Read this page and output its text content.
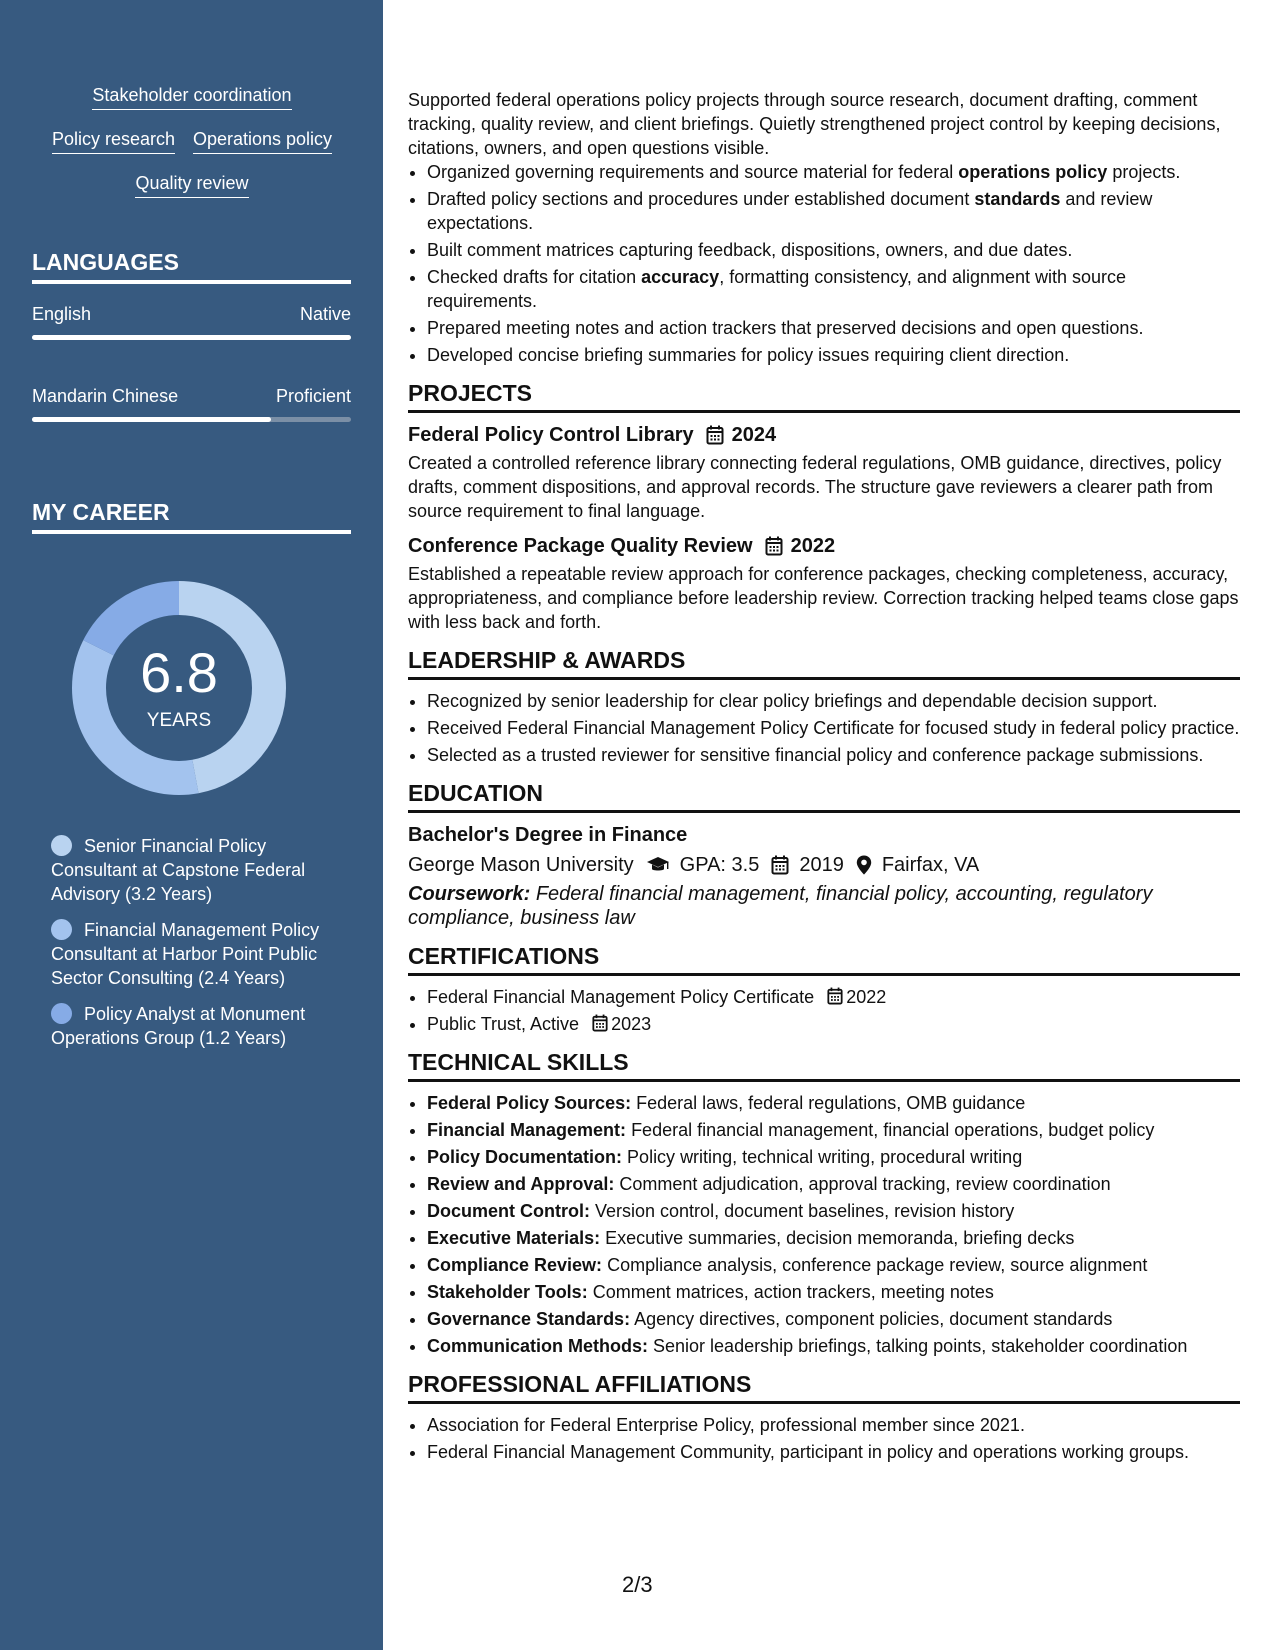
Stakeholder coordination
Policy research Operations policy
Quality review
LANGUAGES
English	Native
Mandarin Chinese	Proficient
MY CAREER
6.8
YEARS
Senior Financial Policy Consultant at Capstone Federal Advisory (3.2 Years)
Financial Management Policy Consultant at Harbor Point Public Sector Consulting (2.4 Years)
Policy Analyst at Monument Operations Group (1.2 Years)

Supported federal operations policy projects through source research, document drafting, comment tracking, quality review, and client briefings. Quietly strengthened project control by keeping decisions, citations, owners, and open questions visible.

• Organized governing requirements and source material for federal operations policy projects.
• Drafted policy sections and procedures under established document standards and review expectations.
• Built comment matrices capturing feedback, dispositions, owners, and due dates.
• Checked drafts for citation accuracy, formatting consistency, and alignment with source requirements.
• Prepared meeting notes and action trackers that preserved decisions and open questions.
• Developed concise briefing summaries for policy issues requiring client direction.
PROJECTS
Federal Policy Control Library 2024

Created a controlled reference library connecting federal regulations, OMB guidance, directives, policy drafts, comment dispositions, and approval records. The structure gave reviewers a clearer path from source requirement to final language.

Conference Package Quality Review 2022

Established a repeatable review approach for conference packages, checking completeness, accuracy, appropriateness, and compliance before leadership review. Correction tracking helped teams close gaps with less back and forth.

LEADERSHIP & AWARDS
• Recognized by senior leadership for clear policy briefings and dependable decision support.
• Received Federal Financial Management Policy Certificate for focused study in federal policy practice.
• Selected as a trusted reviewer for sensitive financial policy and conference package submissions.
EDUCATION
Bachelor's Degree in Finance
George Mason University GPA: 3.5 2019 Fairfax, VA

Coursework: Federal financial management, financial policy, accounting, regulatory compliance, business law

CERTIFICATIONS
• Federal Financial Management Policy Certificate 2022
• Public Trust, Active 2023
TECHNICAL SKILLS
• Federal Policy Sources: Federal laws, federal regulations, OMB guidance
• Financial Management: Federal financial management, financial operations, budget policy
• Policy Documentation: Policy writing, technical writing, procedural writing
• Review and Approval: Comment adjudication, approval tracking, review coordination
• Document Control: Version control, document baselines, revision history
• Executive Materials: Executive summaries, decision memoranda, briefing decks
• Compliance Review: Compliance analysis, conference package review, source alignment
• Stakeholder Tools: Comment matrices, action trackers, meeting notes
• Governance Standards: Agency directives, component policies, document standards
• Communication Methods: Senior leadership briefings, talking points, stakeholder coordination
PROFESSIONAL AFFILIATIONS
• Association for Federal Enterprise Policy, professional member since 2021.
• Federal Financial Management Community, participant in policy and operations working groups.
2/3
